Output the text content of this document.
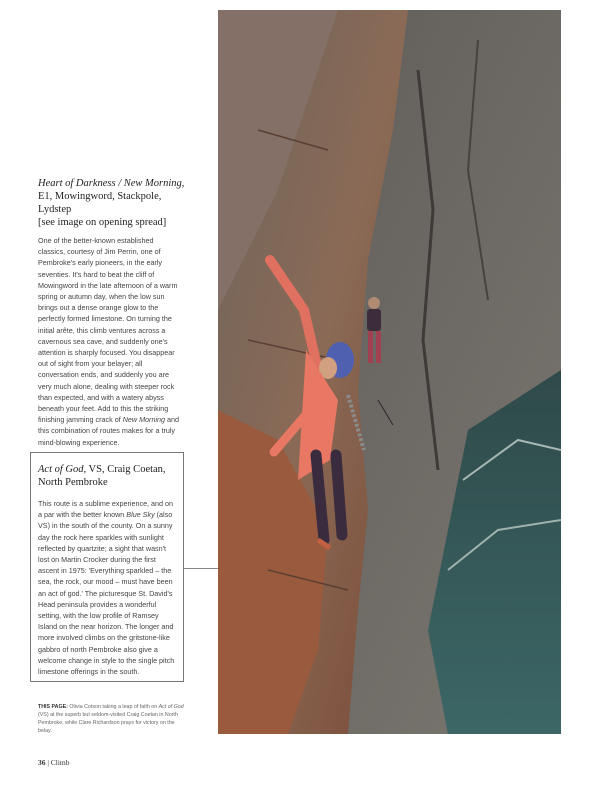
Heart of Darkness / New Morning, E1, Mowingword, Stackpole, Lydstep
[see image on opening spread]
One of the better-known established classics, courtesy of Jim Perrin, one of Pembroke's early pioneers, in the early seventies. It's hard to beat the cliff of Mowingword in the late afternoon of a warm spring or autumn day, when the low sun brings out a dense orange glow to the perfectly formed limestone. On turning the initial arête, this climb ventures across a cavernous sea cave, and suddenly one's attention is sharply focused. You disappear out of sight from your belayer; all conversation ends, and suddenly you are very much alone, dealing with steeper rock than expected, and with a watery abyss beneath your feet. Add to this the striking finishing jamming crack of New Morning and this combination of routes makes for a truly mind-blowing experience.
Act of God, VS, Craig Coetan, North Pembroke
This route is a sublime experience, and on a par with the better known Blue Sky (also VS) in the south of the county. On a sunny day the rock here sparkles with sunlight reflected by quartzite; a sight that wasn't lost on Martin Crocker during the first ascent in 1975: 'Everything sparkled – the sea, the rock, our mood – must have been an act of god.' The picturesque St. David's Head peninsula provides a wonderful setting, with the low profile of Ramsey Island on the near horizon. The longer and more involved climbs on the gritstone-like gabbro of north Pembroke also give a welcome change in style to the single pitch limestone offerings in the south.
THIS PAGE: Olivia Cotson taking a leap of faith on Act of God (VS) at the superb but seldom-visited Craig Coetan in North Pembroke, while Clare Richardson prays for victory on the belay.
36 | Climb
